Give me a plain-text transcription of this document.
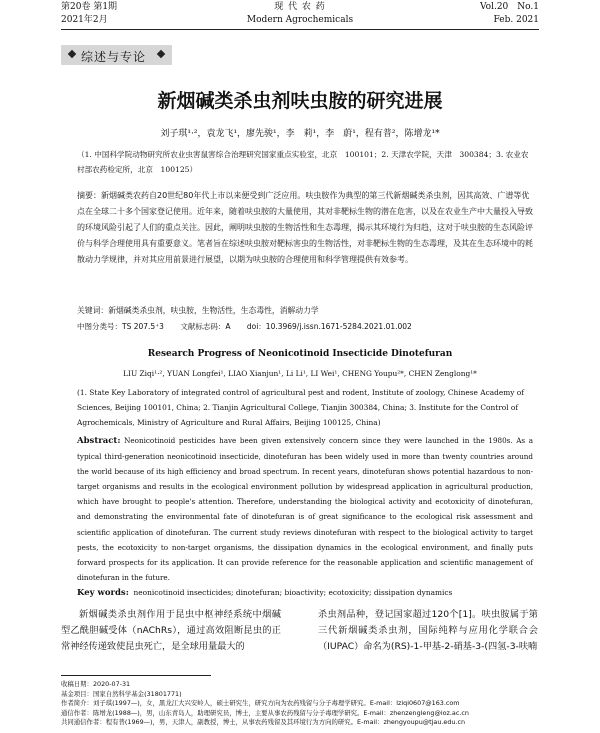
第20卷 第1期
2021年2月
现 代 农 药
Modern Agrochemicals
Vol.20　No.1
Feb. 2021
综述与专论
新烟碱类杀虫剂呋虫胺的研究进展
刘子琪¹·²，袁龙飞¹，廖先骏¹，李　莉¹，李　蔚¹，程有普²，陈增龙¹*
（1. 中国科学院动物研究所农业虫害鼠害综合治理研究国家重点实验室，北京　100101；2. 天津农学院，天津　300384；3. 农业农村部农药检定所，北京　100125）
摘要：新烟碱类农药自20世纪80年代上市以来便受到广泛应用。呋虫胺作为典型的第三代新烟碱类杀虫剂，因其高效、广谱等优点在全球二十多个国家登记使用。近年来，随着呋虫胺的大量使用，其对非靶标生物的潜在危害，以及在农业生产中大量投入导致的环境风险引起了人们的重点关注。因此，阐明呋虫胺的生物活性和生态毒理，揭示其环境行为归趋，这对于呋虫胺的生态风险评价与科学合理使用具有重要意义。笔者旨在综述呋虫胺对靶标害虫的生物活性，对非靶标生物的生态毒理，及其在生态环境中的耗散动力学规律，并对其应用前景进行展望，以期为呋虫胺的合理使用和科学管理提供有效参考。
关键词：新烟碱类杀虫剂，呋虫胺，生物活性，生态毒性，消解动力学
中图分类号：TS 207.5⁺3 文献标志码：A doi：10.3969/j.issn.1671-5284.2021.01.002
Research Progress of Neonicotinoid Insecticide Dinotefuran
LIU Ziqi¹·², YUAN Longfei¹, LIAO Xianjun¹, Li Li¹, LI Wei¹, CHENG Youpu²*, CHEN Zenglong¹*
(1. State Key Laboratory of integrated control of agricultural pest and rodent, Institute of zoology, Chinese Academy of Sciences, Beijing 100101, China; 2. Tianjin Agricultural College, Tianjin 300384, China; 3. Institute for the Control of Agrochemicals, Ministry of Agriculture and Rural Affairs, Beijing 100125, China)
Abstract: Neonicotinoid pesticides have been given extensively concern since they were launched in the 1980s. As a typical third-generation neonicotinoid insecticide, dinotefuran has been widely used in more than twenty countries around the world because of its high efficiency and broad spectrum. In recent years, dinotefuran shows potential hazardous to non-target organisms and results in the ecological environment pollution by widespread application in agricultural production, which have brought to people's attention. Therefore, understanding the biological activity and ecotoxicity of dinotefuran, and demonstrating the environmental fate of dinotefuran is of great significance to the ecological risk assessment and scientific application of dinotefuran. The current study reviews dinotefuran with respect to the biological activity to target pests, the ecotoxicity to non-target organisms, the dissipation dynamics in the ecological environment, and finally puts forward prospects for its application. It can provide reference for the reasonable application and scientific management of dinotefuran in the future.
Key words: neonicotinoid insecticides; dinotefuran; bioactivity; ecotoxicity; dissipation dynamics
新烟碱类杀虫剂作用于昆虫中枢神经系统中烟碱型乙酰胆碱受体（nAChRs），通过高效阻断昆虫的正常神经传递致使昆虫死亡，是全球用量最大的
杀虫剂品种，登记国家超过120个[1]。呋虫胺属于第三代新烟碱类杀虫剂，国际纯粹与应用化学联合会（IUPAC）命名为(RS)-1-甲基-2-硝基-3-(四氢-3-呋喃
收稿日期：2020-07-31
基金项目：国家自然科学基金(31801771)
作者简介：刘子琪(1997—)，女，黑龙江大兴安岭人，硕士研究生，研究方向为农药残留与分子毒理学研究。E-mail：lziqi0607@163.com
通信作者：陈增龙(1988—)，男，山东青岛人，助理研究员，博士，主要从事农药残留与分子毒理学研究。E-mail：zhenzengleng@ioz.ac.cn
共同通信作者：程有普(1969—)，男，天津人，副教授，博士，从事农药残留及其环境行为方向的研究。E-mail：zhengyoupu@tjau.edu.cn
